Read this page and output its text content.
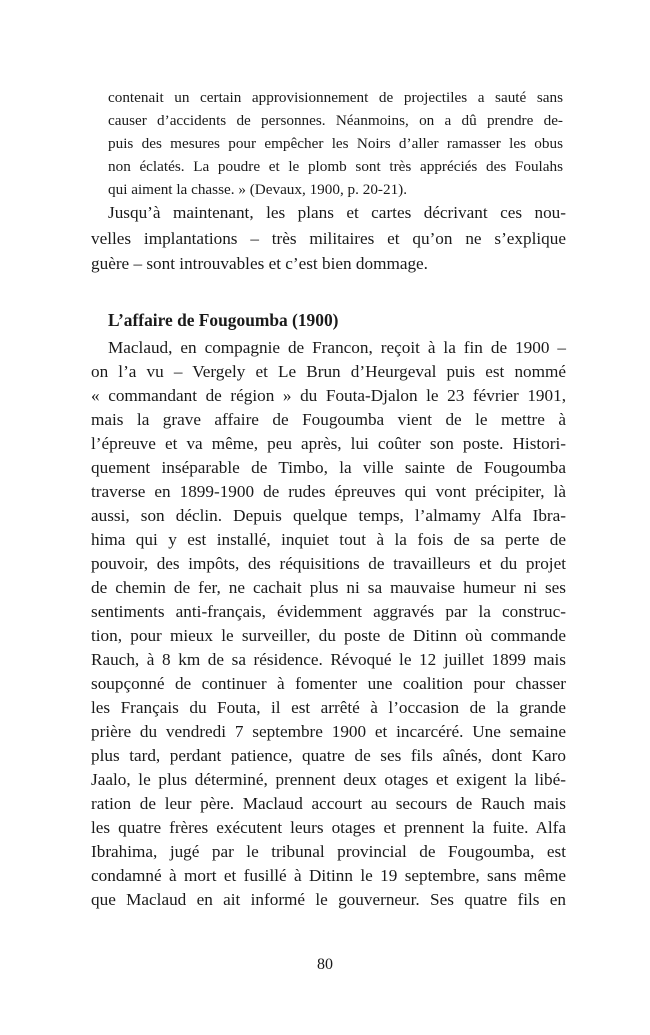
contenait un certain approvisionnement de projectiles a sauté sans
causer d’accidents de personnes. Néanmoins, on a dû prendre de-
puis des mesures pour empêcher les Noirs d’aller ramasser les obus
non éclatés. La poudre et le plomb sont très appréciés des Foulahs
qui aiment la chasse. » (Devaux, 1900, p. 20-21).
Jusqu’à maintenant, les plans et cartes décrivant ces nou-
velles implantations – très militaires et qu’on ne s’explique
guère – sont introuvables et c’est bien dommage.
L’affaire de Fougoumba (1900)
Maclaud, en compagnie de Francon, reçoit à la fin de 1900 –
on l’a vu – Vergely et Le Brun d’Heurgeval puis est nommé
« commandant de région » du Fouta-Djalon le 23 février 1901,
mais la grave affaire de Fougoumba vient de le mettre à
l’épreuve et va même, peu après, lui coûter son poste. Histori-
quement inséparable de Timbo, la ville sainte de Fougoumba
traverse en 1899-1900 de rudes épreuves qui vont précipiter, là
aussi, son déclin. Depuis quelque temps, l’almamy Alfa Ibra-
hima qui y est installé, inquiet tout à la fois de sa perte de
pouvoir, des impôts, des réquisitions de travailleurs et du projet
de chemin de fer, ne cachait plus ni sa mauvaise humeur ni ses
sentiments anti-français, évidemment aggravés par la construc-
tion, pour mieux le surveiller, du poste de Ditinn où commande
Rauch, à 8 km de sa résidence. Révoqué le 12 juillet 1899 mais
soupçonné de continuer à fomenter une coalition pour chasser
les Français du Fouta, il est arrêté à l’occasion de la grande
prière du vendredi 7 septembre 1900 et incarcéré. Une semaine
plus tard, perdant patience, quatre de ses fils aînés, dont Karo
Jaalo, le plus déterminé, prennent deux otages et exigent la libé-
ration de leur père. Maclaud accourt au secours de Rauch mais
les quatre frères exécutent leurs otages et prennent la fuite. Alfa
Ibrahima, jugé par le tribunal provincial de Fougoumba, est
condamné à mort et fusillé à Ditinn le 19 septembre, sans même
que Maclaud en ait informé le gouverneur. Ses quatre fils en
80
